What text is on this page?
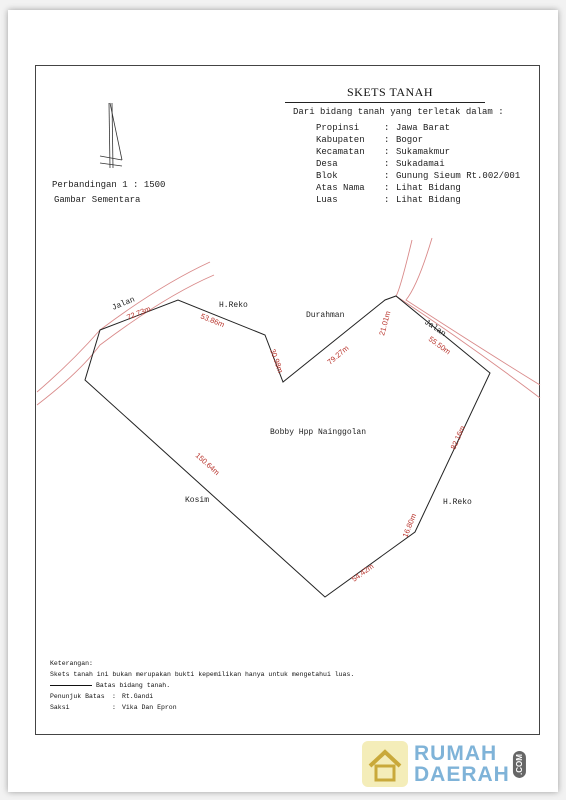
SKETS TANAH
Dari bidang tanah yang terletak dalam :
Propinsi	: Jawa Barat
Kabupaten	: Bogor
Kecamatan	: Sukamakmur
Desa	: Sukadamai
Blok	: Gunung Sieum Rt.002/001
Atas Nama	: Lihat Bidang
Luas	: Lihat Bidang
Perbandingan 1 : 1500
Gambar Sementara
72.73m	53.86m
30.98m	79.27m
21.01m
55.50m
82.16m
16.80m
54.42m
150.64m
Jalan
Jalan
H.Reko
Durahman
Bobby Hpp Nainggolan
Kosim	H.Reko
Keterangan:
Skets tanah ini bukan merupakan bukti kepemilikan hanya untuk mengetahui luas.
Batas bidang tanah.
Penunjuk Batas	: Rt.Gandi
Saksi	: Vika Dan Epron
RUMAH
DAERAH .COM
